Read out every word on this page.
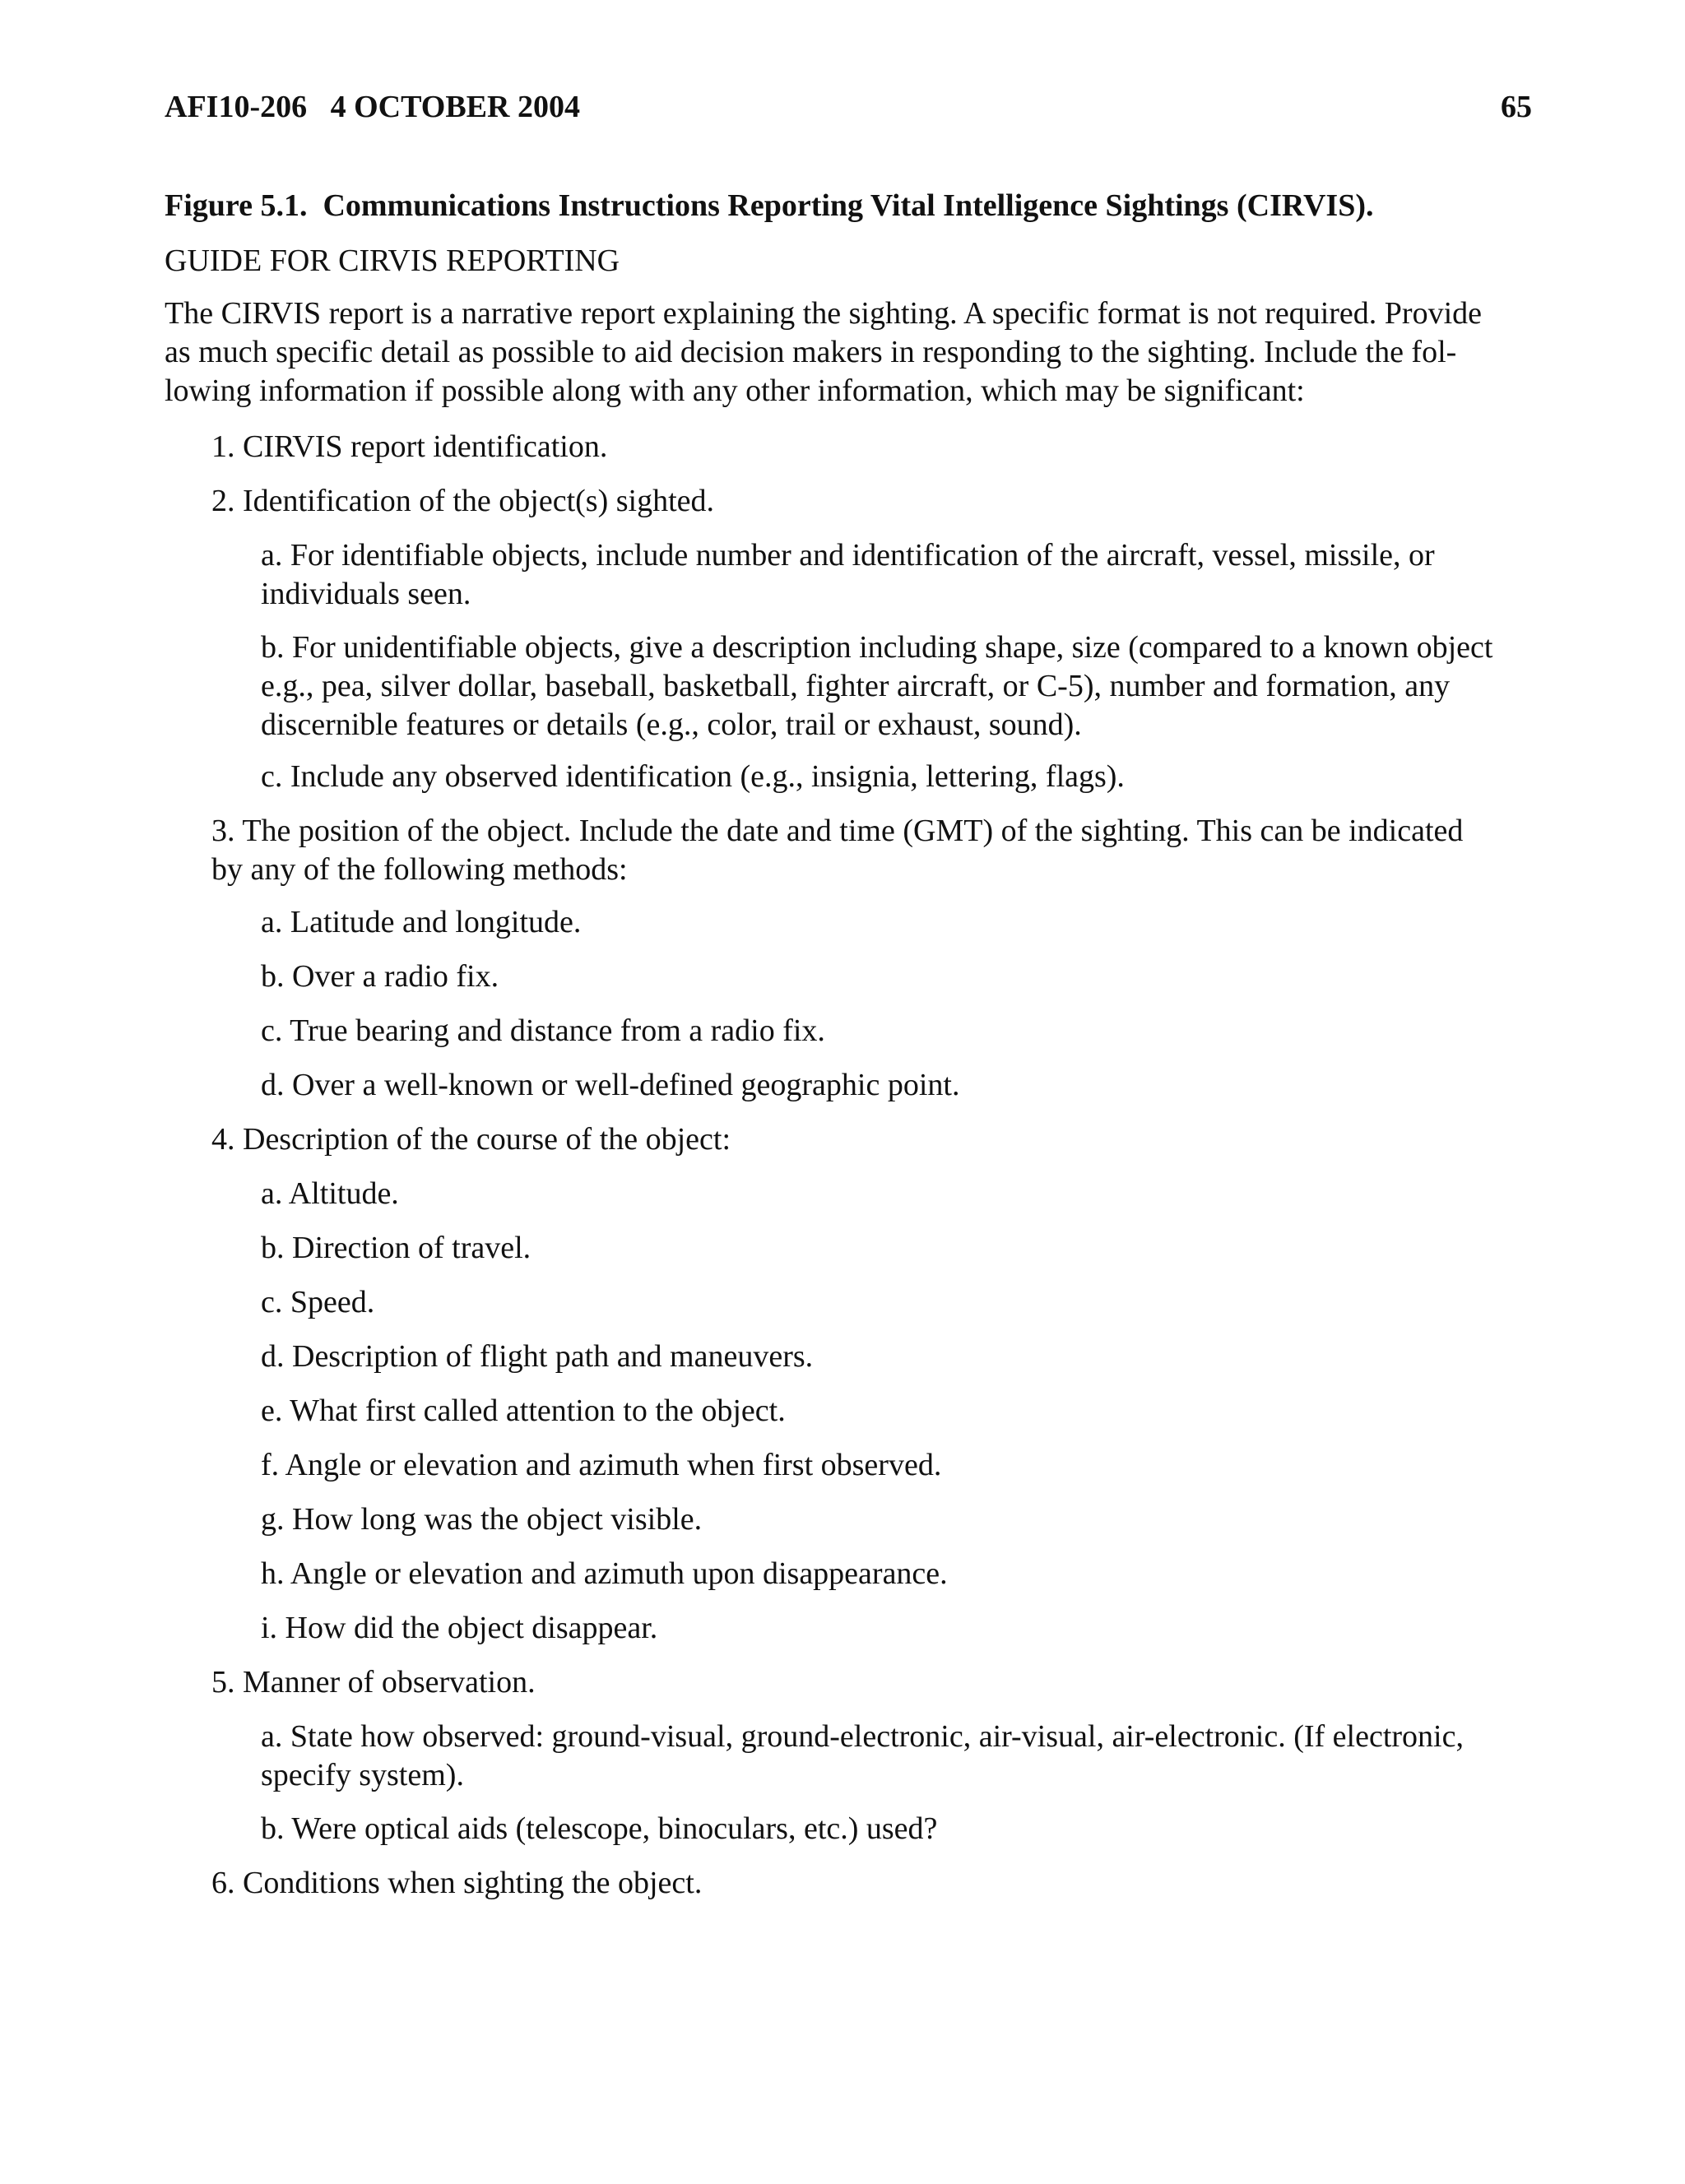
AFI10-206   4 OCTOBER 2004	65
Figure 5.1.  Communications Instructions Reporting Vital Intelligence Sightings (CIRVIS).
GUIDE FOR CIRVIS REPORTING

The CIRVIS report is a narrative report explaining the sighting. A specific format is not required. Provide
as much specific detail as possible to aid decision makers in responding to the sighting. Include the fol-
lowing information if possible along with any other information, which may be significant:

1. CIRVIS report identification.

2. Identification of the object(s) sighted.

a. For identifiable objects, include number and identification of the aircraft, vessel, missile, or
individuals seen.

b. For unidentifiable objects, give a description including shape, size (compared to a known object
e.g., pea, silver dollar, baseball, basketball, fighter aircraft, or C-5), number and formation, any
discernible features or details (e.g., color, trail or exhaust, sound).

c. Include any observed identification (e.g., insignia, lettering, flags).

3. The position of the object. Include the date and time (GMT) of the sighting. This can be indicated
by any of the following methods:

a. Latitude and longitude.

b. Over a radio fix.

c. True bearing and distance from a radio fix.

d. Over a well-known or well-defined geographic point.

4. Description of the course of the object:

a. Altitude.

b. Direction of travel.

c. Speed.

d. Description of flight path and maneuvers.

e. What first called attention to the object.

f. Angle or elevation and azimuth when first observed.

g. How long was the object visible.

h. Angle or elevation and azimuth upon disappearance.

i. How did the object disappear.

5. Manner of observation.

a. State how observed: ground-visual, ground-electronic, air-visual, air-electronic. (If electronic,
specify system).

b. Were optical aids (telescope, binoculars, etc.) used?

6. Conditions when sighting the object.
